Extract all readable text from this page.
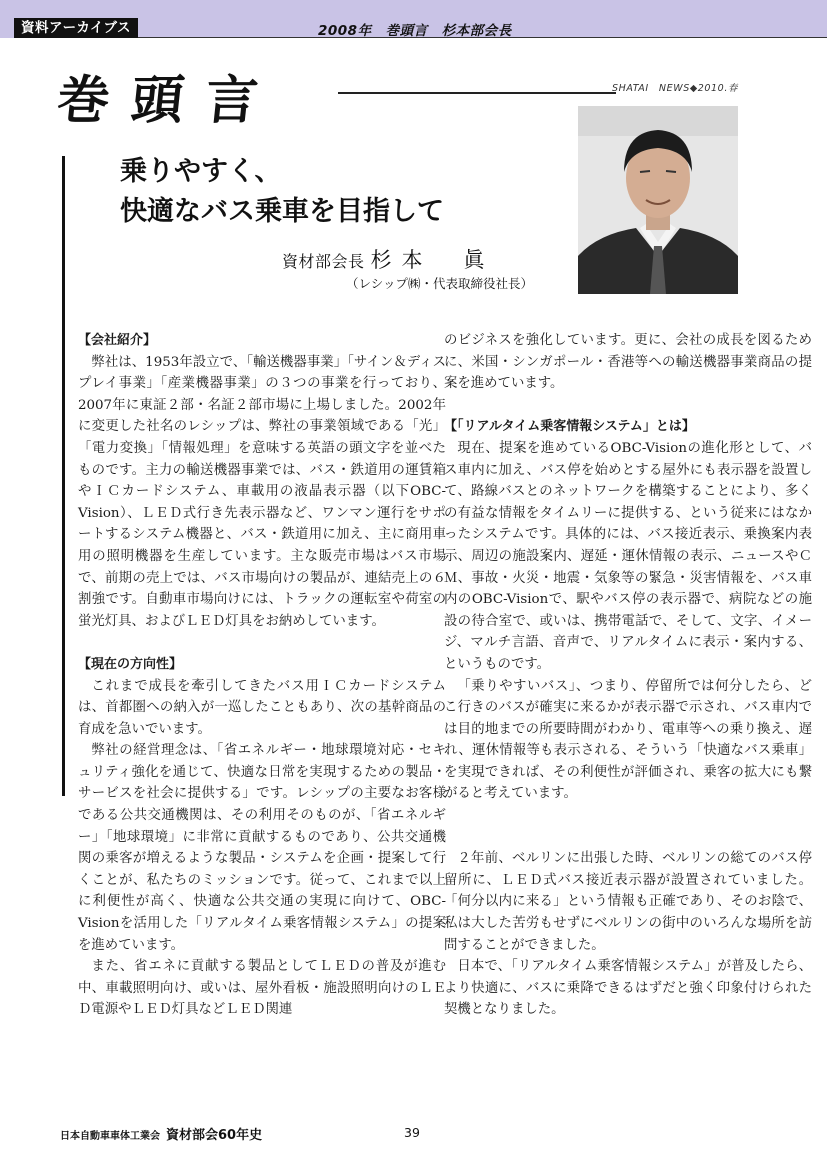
資料アーカイブス	2008年　巻頭言　杉本部会長
巻頭言	SHATAI　NEWS◆2010.春
乗りやすく、
快適なバス乗車を目指して
資材部会長 杉本　眞
（レシップ㈱・代表取締役社長）
【会社紹介】

弊社は、1953年設立で、「輸送機器事業」「サイン＆ディスプレイ事業」「産業機器事業」の３つの事業を行っており、2007年に東証２部・名証２部市場に上場しました。2002年に変更した社名のレシップは、弊社の事業領域である「光」「電力変換」「情報処理」を意味する英語の頭文字を並べたものです。主力の輸送機器事業では、バス・鉄道用の運賃箱やＩＣカードシステム、車載用の液晶表示器（以下OBC-Vision）、ＬＥＤ式行き先表示器など、ワンマン運行をサポートするシステム機器と、バス・鉄道用に加え、主に商用車用の照明機器を生産しています。主な販売市場はバス市場で、前期の売上では、バス市場向けの製品が、連結売上の６割強です。自動車市場向けには、トラックの運転室や荷室の蛍光灯具、およびＬＥＤ灯具をお納めしています。

【現在の方向性】

これまで成長を牽引してきたバス用ＩＣカードシステムは、首都圏への納入が一巡したこともあり、次の基幹商品の育成を急いでいます。

弊社の経営理念は、「省エネルギー・地球環境対応・セキュリティ強化を通じて、快適な日常を実現するための製品・サービスを社会に提供する」です。レシップの主要なお客様である公共交通機関は、その利用そのものが、「省エネルギー」「地球環境」に非常に貢献するものであり、公共交通機関の乗客が増えるような製品・システムを企画・提案して行くことが、私たちのミッションです。従って、これまで以上に利便性が高く、快適な公共交通の実現に向けて、OBC-Visionを活用した「リアルタイム乗客情報システム」の提案を進めています。

また、省エネに貢献する製品としてＬＥＤの普及が進む中、車載照明向け、或いは、屋外看板・施設照明向けのＬＥＤ電源やＬＥＤ灯具などＬＥＤ関連

のビジネスを強化しています。更に、会社の成長を図るために、米国・シンガポール・香港等への輸送機器事業商品の提案を進めています。

【「リアルタイム乗客情報システム」とは】

現在、提案を進めているOBC-Visionの進化形として、バス車内に加え、バス停を始めとする屋外にも表示器を設置して、路線バスとのネットワークを構築することにより、多くの有益な情報をタイムリーに提供する、という従来にはなかったシステムです。具体的には、バス接近表示、乗換案内表示、周辺の施設案内、遅延・運休情報の表示、ニュースやＣＭ、事故・火災・地震・気象等の緊急・災害情報を、バス車内のOBC-Visionで、駅やバス停の表示器で、病院などの施設の待合室で、或いは、携帯電話で、そして、文字、イメージ、マルチ言語、音声で、リアルタイムに表示・案内する、というものです。

「乗りやすいバス」、つまり、停留所では何分したら、どこ行きのバスが確実に来るかが表示器で示され、バス車内では目的地までの所要時間がわかり、電車等への乗り換え、遅れ、運休情報等も表示される、そういう「快適なバス乗車」を実現できれば、その利便性が評価され、乗客の拡大にも繋がると考えています。

２年前、ベルリンに出張した時、ベルリンの総てのバス停留所に、ＬＥＤ式バス接近表示器が設置されていました。「何分以内に来る」という情報も正確であり、そのお陰で、私は大した苦労もせずにベルリンの街中のいろんな場所を訪問することができました。

日本で、「リアルタイム乗客情報システム」が普及したら、より快適に、バスに乗降できるはずだと強く印象付けられた契機となりました。

日本自動車車体工業会 資材部会60年史	39
